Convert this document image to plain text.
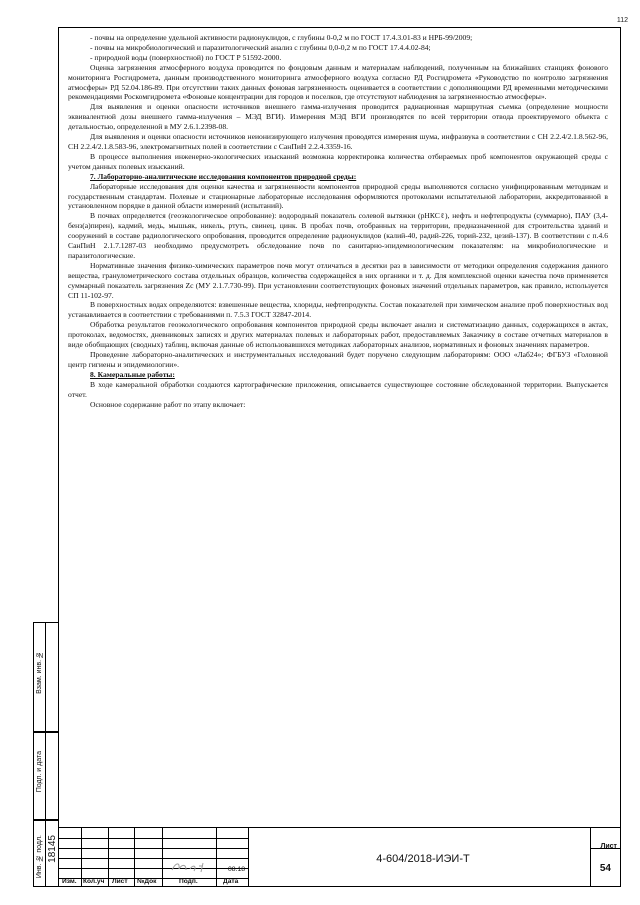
112

- почвы на определение удельной активности радионуклидов, с глубины 0-0,2 м по ГОСТ 17.4.3.01-83 и НРБ-99/2009;

- почвы на микробиологический и паразитологический анализ с глубины 0,0-0,2 м по ГОСТ 17.4.4.02-84;

- природной воды (поверхностной) по ГОСТ Р 51592-2000.

Оценка загрязнения атмосферного воздуха проводится по фондовым данным и материалам наблюдений, полученным на ближайших станциях фонового мониторинга Росгидромета, данным производственного мониторинга атмосферного воздуха согласно РД Росгидромета «Руководство по контролю загрязнения атмосферы» РД 52.04.186-89. При отсутствии таких данных фоновая загрязненность оценивается в соответствии с дополняющими РД временными методическими рекомендациями Роскомгидромета «Фоновые концентрации для городов и поселков, где отсутствуют наблюдения за загрязненностью атмосферы».

Для выявления и оценки опасности источников внешнего гамма-излучения проводится радиационная маршрутная съемка (определение мощности эквивалентной дозы внешнего гамма-излучения – МЭД ВГИ). Измерения МЭД ВГИ производятся по всей территории отвода проектируемого объекта с детальностью, определенной в МУ 2.6.1.2398-08.

Для выявления и оценки опасности источников неионизирующего излучения проводятся измерения шума, инфразвука в соответствии с СН 2.2.4/2.1.8.562-96, СН 2.2.4/2.1.8.583-96, электромагнитных полей в соответствии с СанПиН 2.2.4.3359-16.

В процессе выполнения инженерно-экологических изысканий возможна корректировка количества отбираемых проб компонентов окружающей среды с учетом данных полевых изысканий.

7. Лабораторно-аналитические исследования компонентов природной среды:

Лабораторные исследования для оценки качества и загрязненности компонентов природной среды выполняются согласно унифицированным методикам и государственным стандартам. Полевые и стационарные лабораторные исследования оформляются протоколами испытательной лаборатории, аккредитованной в установленном порядке в данной области измерений (испытаний).

В почвах определяется (геоэкологическое опробование): водородный показатель солевой вытяжки (рНКСℓ), нефть и нефтепродукты (суммарно), ПАУ (3,4-бенз(а)пирен), кадмий, медь, мышьяк, никель, ртуть, свинец, цинк. В пробах почв, отобранных на территории, предназначенной для строительства зданий и сооружений в составе радиологического опробования, проводится определение радионуклидов (калий-40, радий-226, торий-232, цезий-137). В соответствии с п.4.6 СанПиН 2.1.7.1287-03 необходимо предусмотреть обследование почв по санитарно-эпидемиологическим показателям: на микробиологические и паразитологические.

Нормативные значения физико-химических параметров почв могут отличаться в десятки раз в зависимости от методики определения содержания данного вещества, гранулометрического состава отдельных образцов, количества содержащейся в них органики и т. д. Для комплексной оценки качества почв применяется суммарный показатель загрязнения Zc (МУ 2.1.7.730-99). При установлении соответствующих фоновых значений отдельных параметров, как правило, используется СП 11-102-97.

В поверхностных водах определяются: взвешенные вещества, хлориды, нефтепродукты. Состав показателей при химическом анализе проб поверхностных вод устанавливается в соответствии с требованиями п. 7.5.3 ГОСТ 32847-2014.

Обработка результатов геоэкологического опробования компонентов природной среды включает анализ и систематизацию данных, содержащихся в актах, протоколах, ведомостях, дневниковых записях и других материалах полевых и лабораторных работ, предоставляемых Заказчику в составе отчетных материалов в виде обобщающих (сводных) таблиц, включая данные об использовавшихся методиках лабораторных анализов, нормативных и фоновых значениях параметров.

Проведение лабораторно-аналитических и инструментальных исследований будет поручено следующим лабораториям: ООО «Лаб24»; ФГБУЗ «Головной центр гигиены и эпидемиологии».

8. Камеральные работы:

В ходе камеральной обработки создаются картографические приложения, описывается существующее состояние обследованной территории. Выпускается отчет.

Основное содержание работ по этапу включает:

Взам. инв. №
Подп. и дата
Инв. № подл. 18145
Изм. Кол.уч Лист №Док	Подп.	Дата
08.18
4-604/2018-ИЭИ-Т
Лист
54
